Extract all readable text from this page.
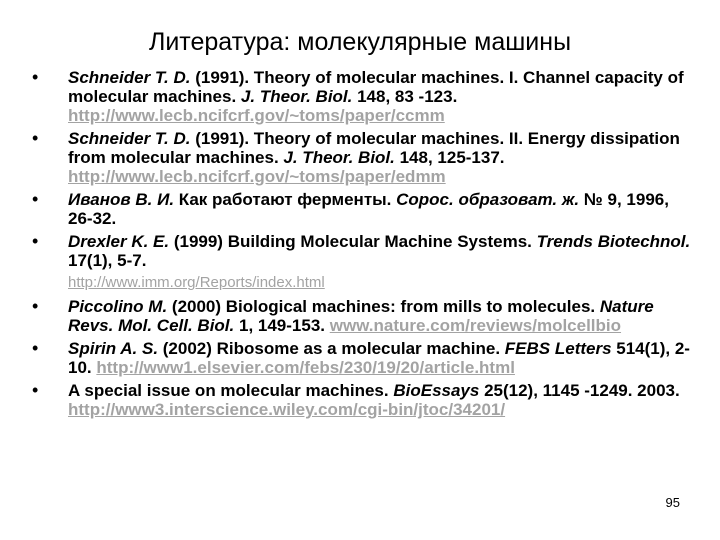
Литература: молекулярные машины
• Schneider T. D. (1991). Theory of molecular machines. I. Channel capacity of molecular machines. J. Theor. Biol. 148, 83 -123. http://www.lecb.ncifcrf.gov/~toms/paper/ccmm
• Schneider T. D. (1991). Theory of molecular machines. II. Energy dissipation from molecular machines. J. Theor. Biol. 148, 125-137. http://www.lecb.ncifcrf.gov/~toms/paper/edmm
• Иванов В. И. Как работают ферменты. Сорос. образоват. ж. № 9, 1996, 26-32.
• Drexler K. E. (1999) Building Molecular Machine Systems. Trends Biotechnol. 17(1), 5-7.
http://www.imm.org/Reports/index.html
• Piccolino M. (2000) Biological machines: from mills to molecules. Nature Revs. Mol. Cell. Biol. 1, 149-153. www.nature.com/reviews/molcellbio
• Spirin A. S. (2002) Ribosome as a molecular machine. FEBS Letters 514(1), 2-10. http://www1.elsevier.com/febs/230/19/20/article.html
• A special issue on molecular machines. BioEssays 25(12), 1145 -1249. 2003. http://www3.interscience.wiley.com/cgi-bin/jtoc/34201/
95
